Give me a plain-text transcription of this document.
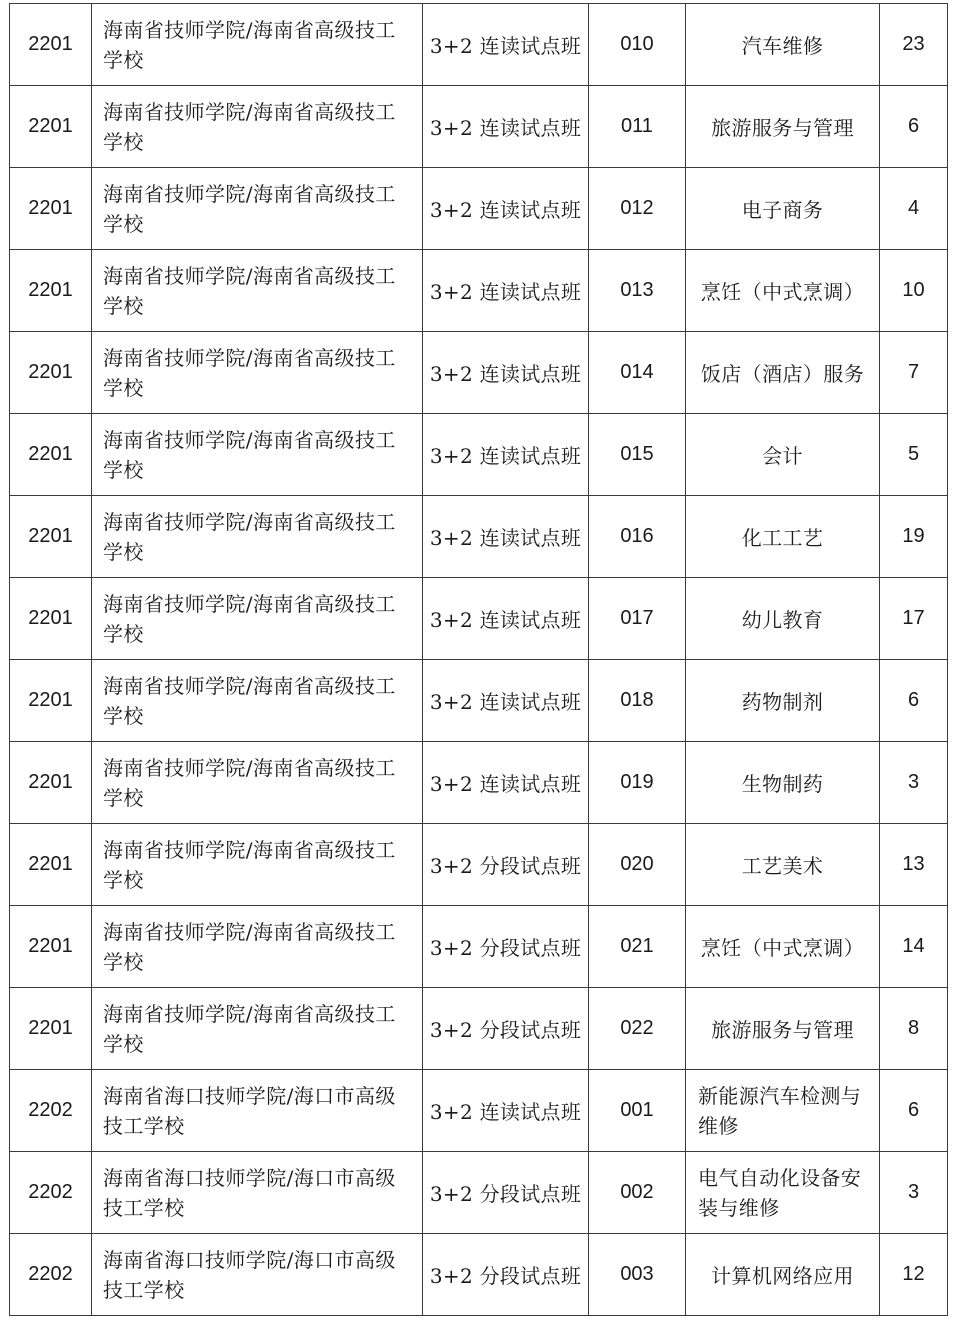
2201	海南省技师学院/海南省高级技工学校	3+2 连读试点班	010	汽车维修	23
2201	海南省技师学院/海南省高级技工学校	3+2 连读试点班	011	旅游服务与管理	6
2201	海南省技师学院/海南省高级技工学校	3+2 连读试点班	012	电子商务	4
2201	海南省技师学院/海南省高级技工学校	3+2 连读试点班	013	烹饪（中式烹调）	10
2201	海南省技师学院/海南省高级技工学校	3+2 连读试点班	014	饭店（酒店）服务	7
2201	海南省技师学院/海南省高级技工学校	3+2 连读试点班	015	会计	5
2201	海南省技师学院/海南省高级技工学校	3+2 连读试点班	016	化工工艺	19
2201	海南省技师学院/海南省高级技工学校	3+2 连读试点班	017	幼儿教育	17
2201	海南省技师学院/海南省高级技工学校	3+2 连读试点班	018	药物制剂	6
2201	海南省技师学院/海南省高级技工学校	3+2 连读试点班	019	生物制药	3
2201	海南省技师学院/海南省高级技工学校	3+2 分段试点班	020	工艺美术	13
2201	海南省技师学院/海南省高级技工学校	3+2 分段试点班	021	烹饪（中式烹调）	14
2201	海南省技师学院/海南省高级技工学校	3+2 分段试点班	022	旅游服务与管理	8
2202	海南省海口技师学院/海口市高级技工学校	3+2 连读试点班	001	新能源汽车检测与维修	6
2202	海南省海口技师学院/海口市高级技工学校	3+2 分段试点班	002	电气自动化设备安装与维修	3
2202	海南省海口技师学院/海口市高级技工学校	3+2 分段试点班	003	计算机网络应用	12
